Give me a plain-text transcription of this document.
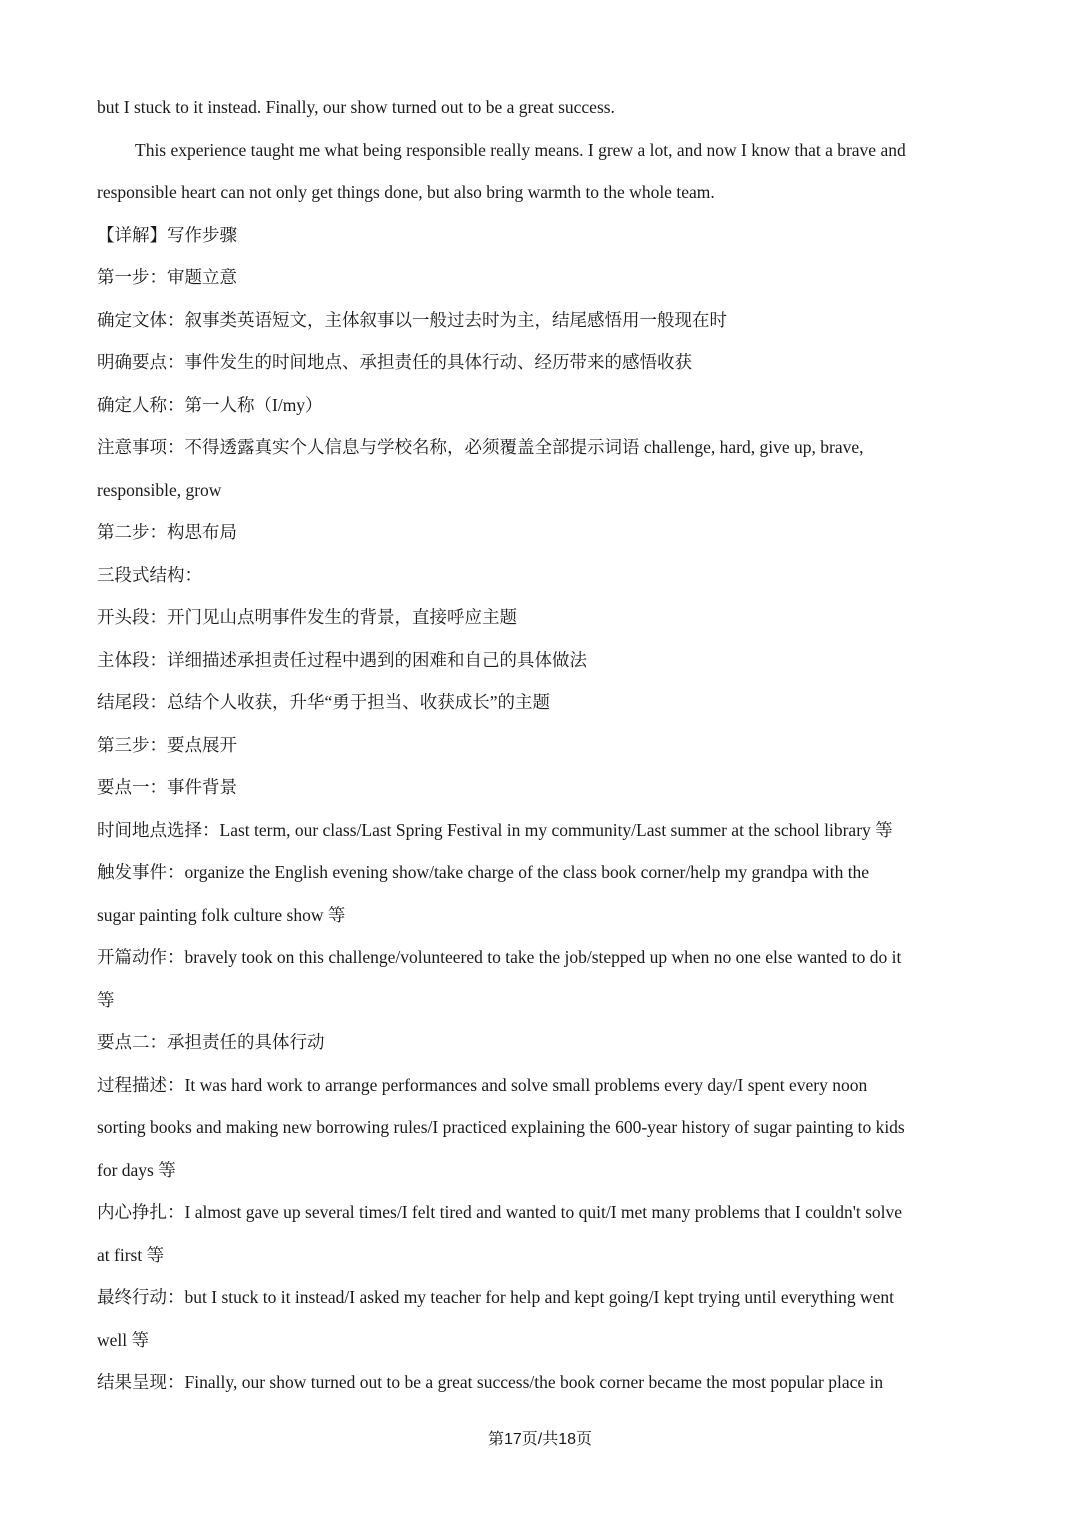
but I stuck to it instead. Finally, our show turned out to be a great success.
This experience taught me what being responsible really means. I grew a lot, and now I know that a brave and
responsible heart can not only get things done, but also bring warmth to the whole team.
【详解】写作步骤
第一步：审题立意
确定文体：叙事类英语短文，主体叙事以一般过去时为主，结尾感悟用一般现在时
明确要点：事件发生的时间地点、承担责任的具体行动、经历带来的感悟收获
确定人称：第一人称（I/my）
注意事项：不得透露真实个人信息与学校名称，必须覆盖全部提示词语 challenge, hard, give up, brave,
responsible, grow
第二步：构思布局
三段式结构：
开头段：开门见山点明事件发生的背景，直接呼应主题
主体段：详细描述承担责任过程中遇到的困难和自己的具体做法
结尾段：总结个人收获，升华“勇于担当、收获成长”的主题
第三步：要点展开
要点一：事件背景
时间地点选择：Last term, our class/Last Spring Festival in my community/Last summer at the school library 等
触发事件：organize the English evening show/take charge of the class book corner/help my grandpa with the
sugar painting folk culture show 等
开篇动作：bravely took on this challenge/volunteered to take the job/stepped up when no one else wanted to do it
等
要点二：承担责任的具体行动
过程描述：It was hard work to arrange performances and solve small problems every day/I spent every noon
sorting books and making new borrowing rules/I practiced explaining the 600-year history of sugar painting to kids
for days 等
内心挣扎：I almost gave up several times/I felt tired and wanted to quit/I met many problems that I couldn't solve
at first 等
最终行动：but I stuck to it instead/I asked my teacher for help and kept going/I kept trying until everything went
well 等
结果呈现：Finally, our show turned out to be a great success/the book corner became the most popular place in
第17页/共18页
